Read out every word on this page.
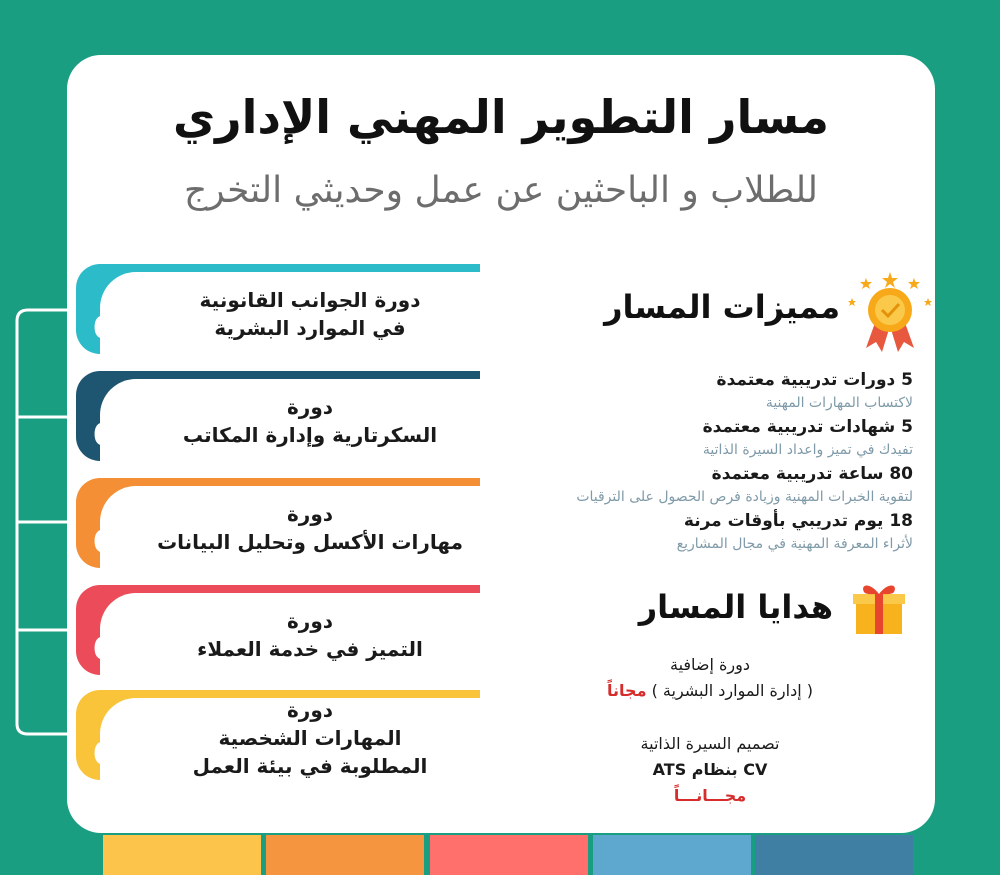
مسار التطوير المهني الإداري
للطلاب و الباحثين عن عمل وحديثي التخرج
01
دورة الجوانب القانونية
في الموارد البشرية
02
دورة
السكرتارية وإدارة المكاتب
03
دورة
مهارات الأكسل وتحليل البيانات
04
دورة
التميز في خدمة العملاء
05
دورة
المهارات الشخصية
المطلوبة في بيئة العمل
مميزات المسار
5 دورات تدريبية معتمدة
لاكتساب المهارات المهنية
5 شهادات تدريبية معتمدة
تفيدك في تميز واعداد السيرة الذاتية
80 ساعة تدريبية معتمدة
لتقوية الخبرات المهنية وزيادة فرص الحصول على الترقيات
18 يوم تدريبي بأوقات مرنة
لأثراء المعرفة المهنية في مجال المشاريع
هدايا المسار
دورة إضافية
( إدارة الموارد البشرية ) مجاناً
تصميم السيرة الذاتية
CV بنظام ATS
مجـــانـــاً
